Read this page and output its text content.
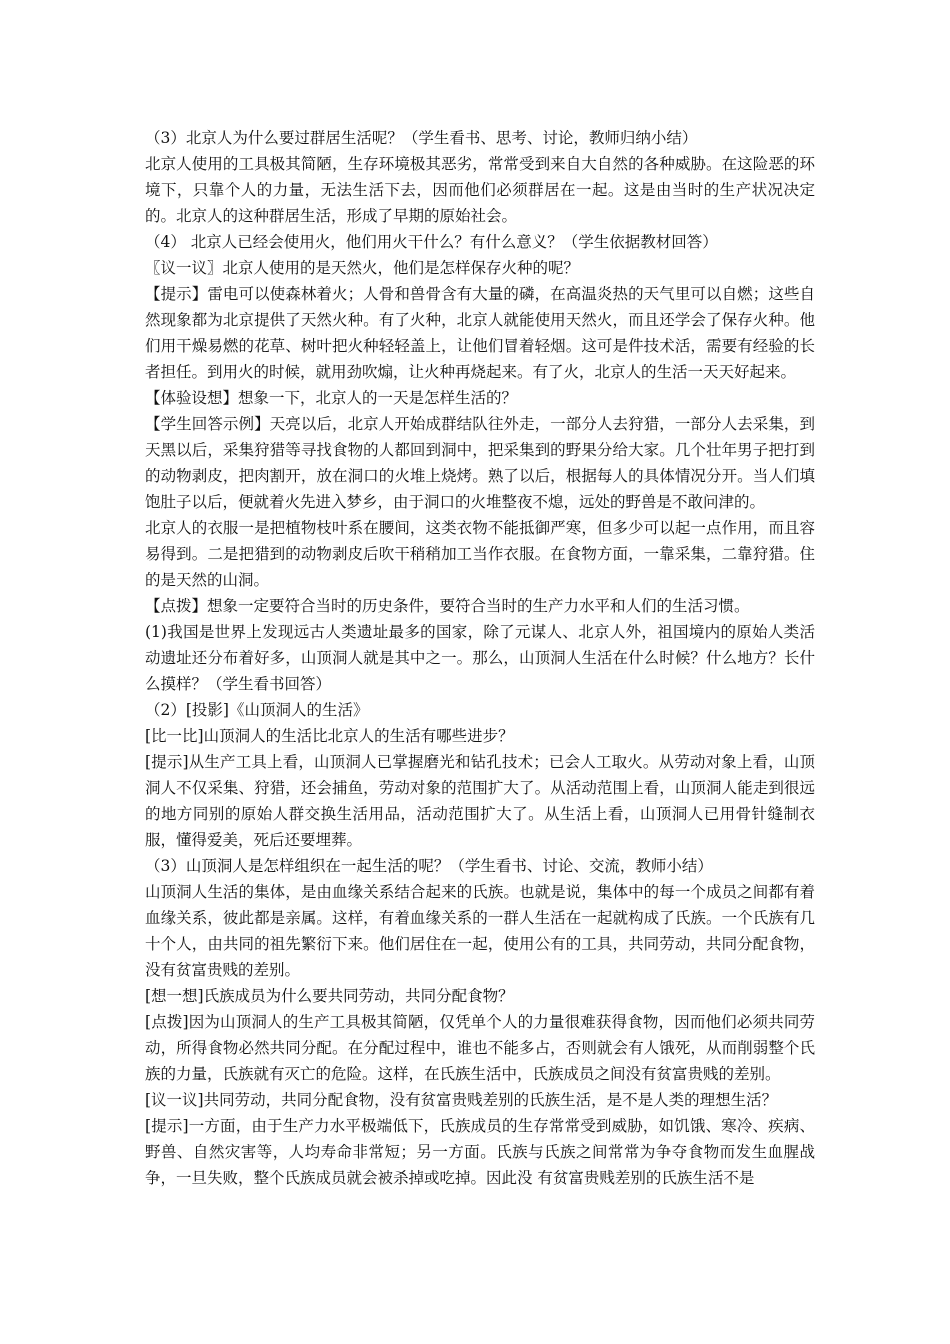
（3）北京人为什么要过群居生活呢？（学生看书、思考、讨论，教师归纳小结）

北京人使用的工具极其简陋，生存环境极其恶劣，常常受到来自大自然的各种威胁。在这险恶的环境下，只靠个人的力量，无法生活下去，因而他们必须群居在一起。这是由当时的生产状况决定的。北京人的这种群居生活，形成了早期的原始社会。

（4） 北京人已经会使用火，他们用火干什么？有什么意义？（学生依据教材回答）

〖议一议〗北京人使用的是天然火，他们是怎样保存火种的呢？

【提示】雷电可以使森林着火；人骨和兽骨含有大量的磷，在高温炎热的天气里可以自燃；这些自然现象都为北京提供了天然火种。有了火种，北京人就能使用天然火，而且还学会了保存火种。他们用干燥易燃的花草、树叶把火种轻轻盖上，让他们冒着轻烟。这可是件技术活，需要有经验的长者担任。到用火的时候，就用劲吹煽，让火种再烧起来。有了火，北京人的生活一天天好起来。

【体验设想】想象一下，北京人的一天是怎样生活的？

【学生回答示例】天亮以后，北京人开始成群结队往外走，一部分人去狩猎，一部分人去采集，到天黑以后，采集狩猎等寻找食物的人都回到洞中，把采集到的野果分给大家。几个壮年男子把打到的动物剥皮，把肉割开，放在洞口的火堆上烧烤。熟了以后，根据每人的具体情况分开。当人们填饱肚子以后，便就着火先进入梦乡，由于洞口的火堆整夜不熄，远处的野兽是不敢问津的。

北京人的衣服一是把植物枝叶系在腰间，这类衣物不能抵御严寒，但多少可以起一点作用，而且容易得到。二是把猎到的动物剥皮后吹干稍稍加工当作衣服。在食物方面，一靠采集，二靠狩猎。住的是天然的山洞。

【点拨】想象一定要符合当时的历史条件，要符合当时的生产力水平和人们的生活习惯。

(1)我国是世界上发现远古人类遗址最多的国家，除了元谋人、北京人外，祖国境内的原始人类活动遗址还分布着好多，山顶洞人就是其中之一。那么，山顶洞人生活在什么时候？什么地方？长什么摸样？（学生看书回答）

（2）[投影]《山顶洞人的生活》

[比一比]山顶洞人的生活比北京人的生活有哪些进步？

[提示]从生产工具上看，山顶洞人已掌握磨光和钻孔技术；已会人工取火。从劳动对象上看，山顶洞人不仅采集、狩猎，还会捕鱼，劳动对象的范围扩大了。从活动范围上看，山顶洞人能走到很远的地方同别的原始人群交换生活用品，活动范围扩大了。从生活上看，山顶洞人已用骨针缝制衣服，懂得爱美，死后还要埋葬。

（3）山顶洞人是怎样组织在一起生活的呢？（学生看书、讨论、交流，教师小结）

山顶洞人生活的集体，是由血缘关系结合起来的氏族。也就是说，集体中的每一个成员之间都有着血缘关系，彼此都是亲属。这样，有着血缘关系的一群人生活在一起就构成了氏族。一个氏族有几十个人，由共同的祖先繁衍下来。他们居住在一起，使用公有的工具，共同劳动，共同分配食物，没有贫富贵贱的差别。

[想一想]氏族成员为什么要共同劳动，共同分配食物？

[点拨]因为山顶洞人的生产工具极其简陋，仅凭单个人的力量很难获得食物，因而他们必须共同劳动，所得食物必然共同分配。在分配过程中，谁也不能多占，否则就会有人饿死，从而削弱整个氏族的力量，氏族就有灭亡的危险。这样，在氏族生活中，氏族成员之间没有贫富贵贱的差别。

[议一议]共同劳动，共同分配食物，没有贫富贵贱差别的氏族生活，是不是人类的理想生活？

[提示]一方面，由于生产力水平极端低下，氏族成员的生存常常受到威胁，如饥饿、寒冷、疾病、野兽、自然灾害等，人均寿命非常短；另一方面。氏族与氏族之间常常为争夺食物而发生血腥战争，一旦失败，整个氏族成员就会被杀掉或吃掉。因此没 有贫富贵贱差别的氏族生活不是
